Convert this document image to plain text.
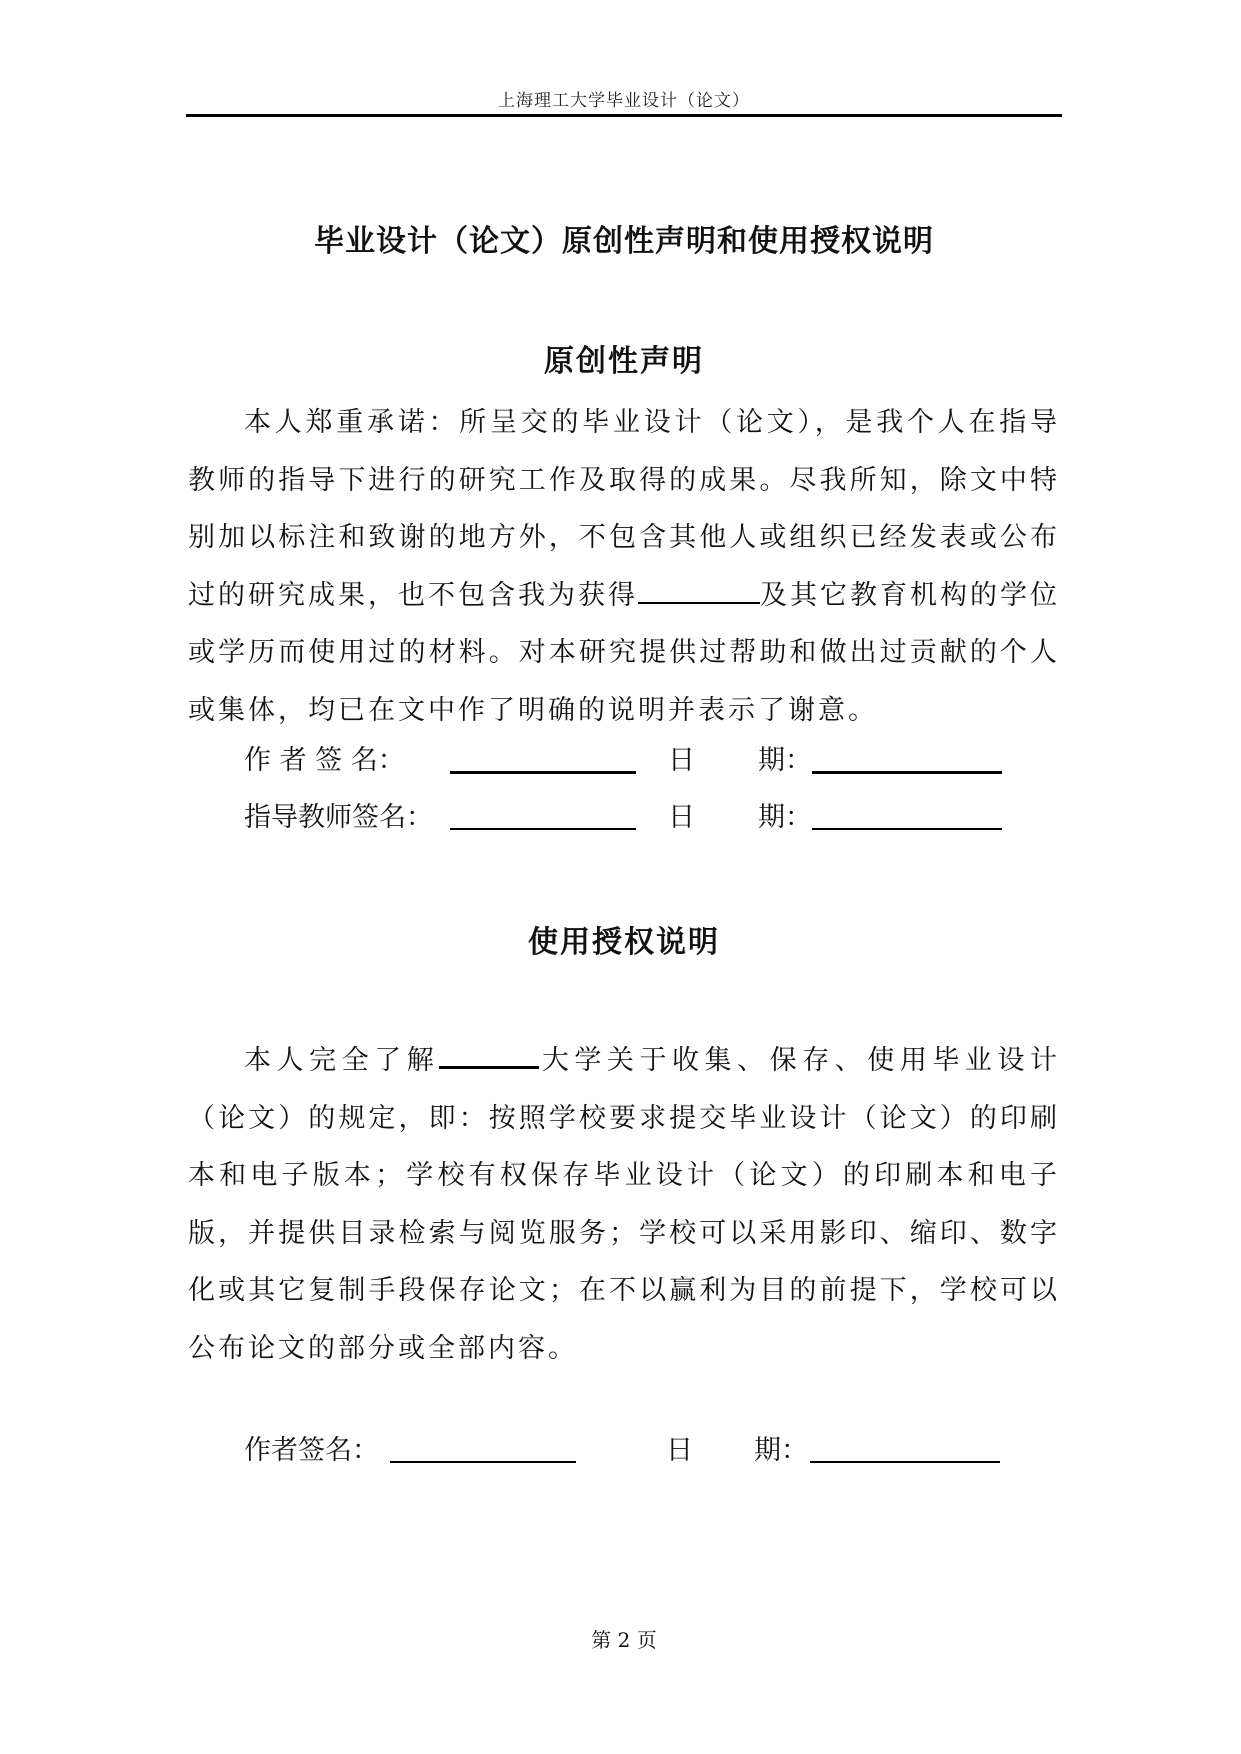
上海理工大学毕业设计（论文）
毕业设计（论文）原创性声明和使用授权说明
原创性声明

本人郑重承诺：所呈交的毕业设计（论文），是我个人在指导教师的指导下进行的研究工作及取得的成果。尽我所知，除文中特别加以标注和致谢的地方外，不包含其他人或组织已经发表或公布过的研究成果，也不包含我为获得	及其它教育机构的学位或学历而使用过的材料。对本研究提供过帮助和做出过贡献的个人或集体，均已在文中作了明确的说明并表示了谢意。

作 者 签 名：	日 期：
指导教师签名：	日 期：
使用授权说明

本人完全了解	大学关于收集、保存、使用毕业设计（论文）的规定，即：按照学校要求提交毕业设计（论文）的印刷本和电子版本；学校有权保存毕业设计（论文）的印刷本和电子版，并提供目录检索与阅览服务；学校可以采用影印、缩印、数字化或其它复制手段保存论文；在不以赢利为目的前提下，学校可以公布论文的部分或全部内容。

作者签名：	日 期：
第 2 页
